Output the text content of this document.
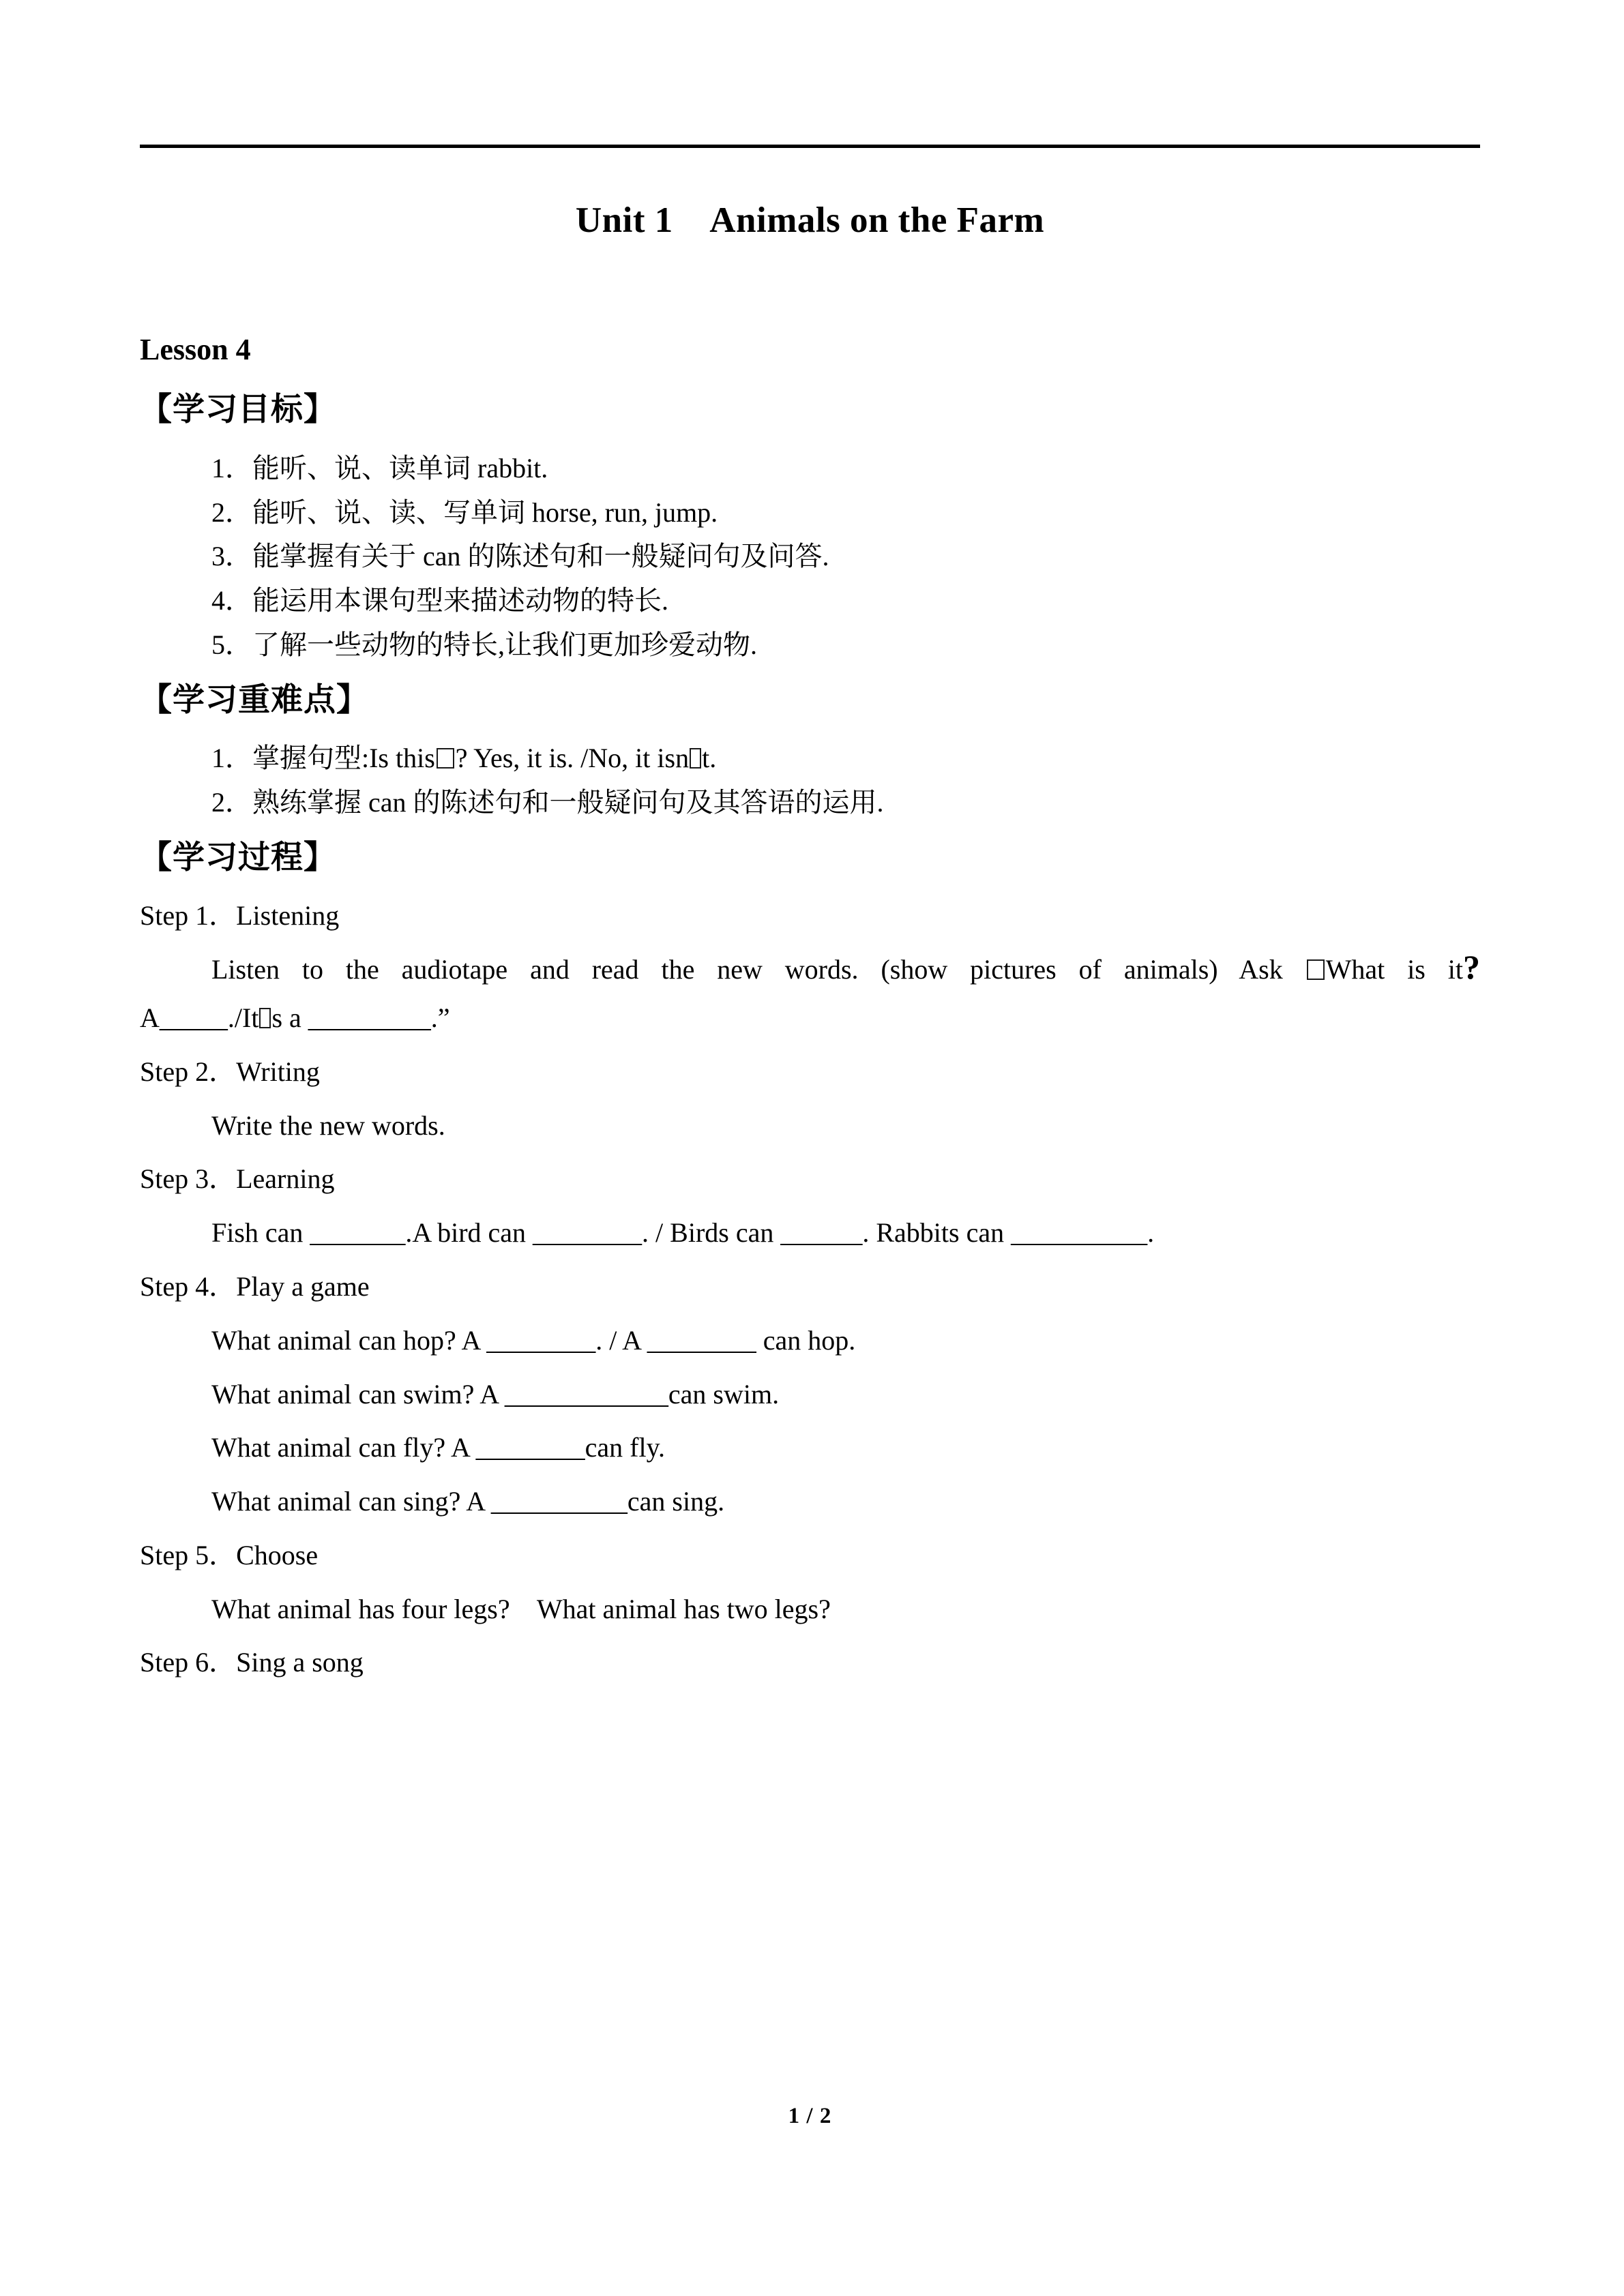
Unit 1　Animals on the Farm
Lesson 4
【学习目标】
1．能听、说、读单词 rabbit.
2．能听、说、读、写单词 horse, run, jump.
3．能掌握有关于 can 的陈述句和一般疑问句及问答.
4．能运用本课句型来描述动物的特长.
5．了解一些动物的特长,让我们更加珍爱动物.
【学习重难点】
1．掌握句型:Is this ? Yes, it is. /No, it isn t.
2．熟练掌握 can 的陈述句和一般疑问句及其答语的运用.
【学习过程】
Step 1．Listening
Listen to the audiotape and read the new words. (show pictures of animals) Ask What is it?
A_____./It s a _________.”
Step 2．Writing
Write the new words.
Step 3．Learning
Fish can _______.A bird can ________. / Birds can ______. Rabbits can __________.
Step 4．Play a game
What animal can hop? A ________. / A ________ can hop.
What animal can swim? A ____________can swim.
What animal can fly? A ________can fly.
What animal can sing? A __________can sing.
Step 5．Choose
What animal has four legs?    What animal has two legs?
Step 6．Sing a song
1 / 2
